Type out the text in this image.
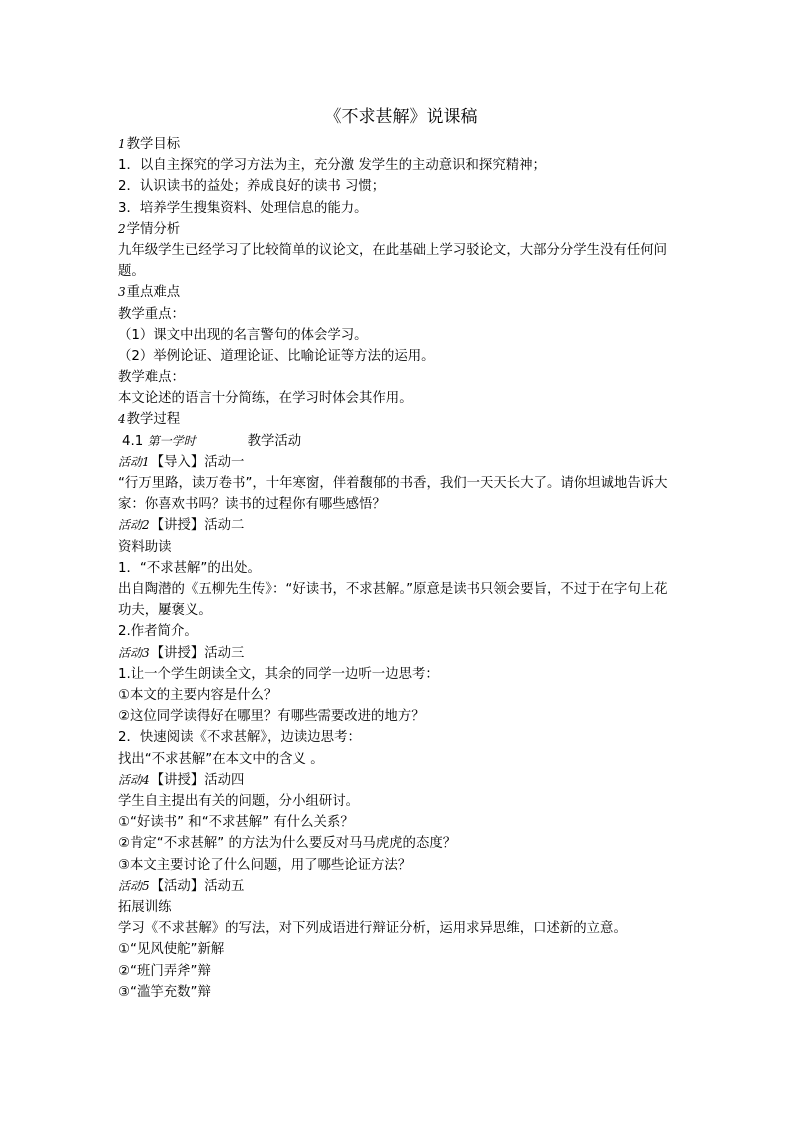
《不求甚解》说课稿
1教学目标
1．以自主探究的学习方法为主，充分激 发学生的主动意识和探究精神；
2．认识读书的益处；养成良好的读书 习惯；
3．培养学生搜集资料、处理信息的能力。
2学情分析
九年级学生已经学习了比较简单的议论文，在此基础上学习驳论文，大部分分学生没有任何问题。
3重点难点
教学重点：
（1）课文中出现的名言警句的体会学习。
（2）举例论证、道理论证、比喻论证等方法的运用。
教学难点：
本文论述的语言十分简练，在学习时体会其作用。
4教学过程
4.1 第一学时	教学活动
活动1【导入】活动一
“行万里路，读万卷书”，十年寒窗，伴着馥郁的书香，我们一天天长大了。请你坦诚地告诉大家：你喜欢书吗？读书的过程你有哪些感悟？
活动2【讲授】活动二
资料助读
1．“不求甚解”的出处。
出自陶潜的《五柳先生传》：“好读书，不求甚解。”原意是读书只领会要旨，不过于在字句上花功夫，屢褒义。
2.作者简介。
活动3【讲授】活动三
1.让一个学生朗读全文，其余的同学一边听一边思考：
①本文的主要内容是什么？
②这位同学读得好在哪里？有哪些需要改进的地方？
2．快速阅读《不求甚解》，边读边思考：
找出“不求甚解”在本文中的含义 。
活动4【讲授】活动四
学生自主提出有关的问题，分小组研讨。
①“好读书” 和“不求甚解” 有什么关系？
②肯定“不求甚解” 的方法为什么要反对马马虎虎的态度？
③本文主要讨论了什么问题，用了哪些论证方法？
活动5【活动】活动五
拓展训练
学习《不求甚解》的写法，对下列成语进行辩证分析，运用求异思维，口述新的立意。
①“见风使舵”新解
②“班门弄斧”辩
③“滥竽充数”辩
